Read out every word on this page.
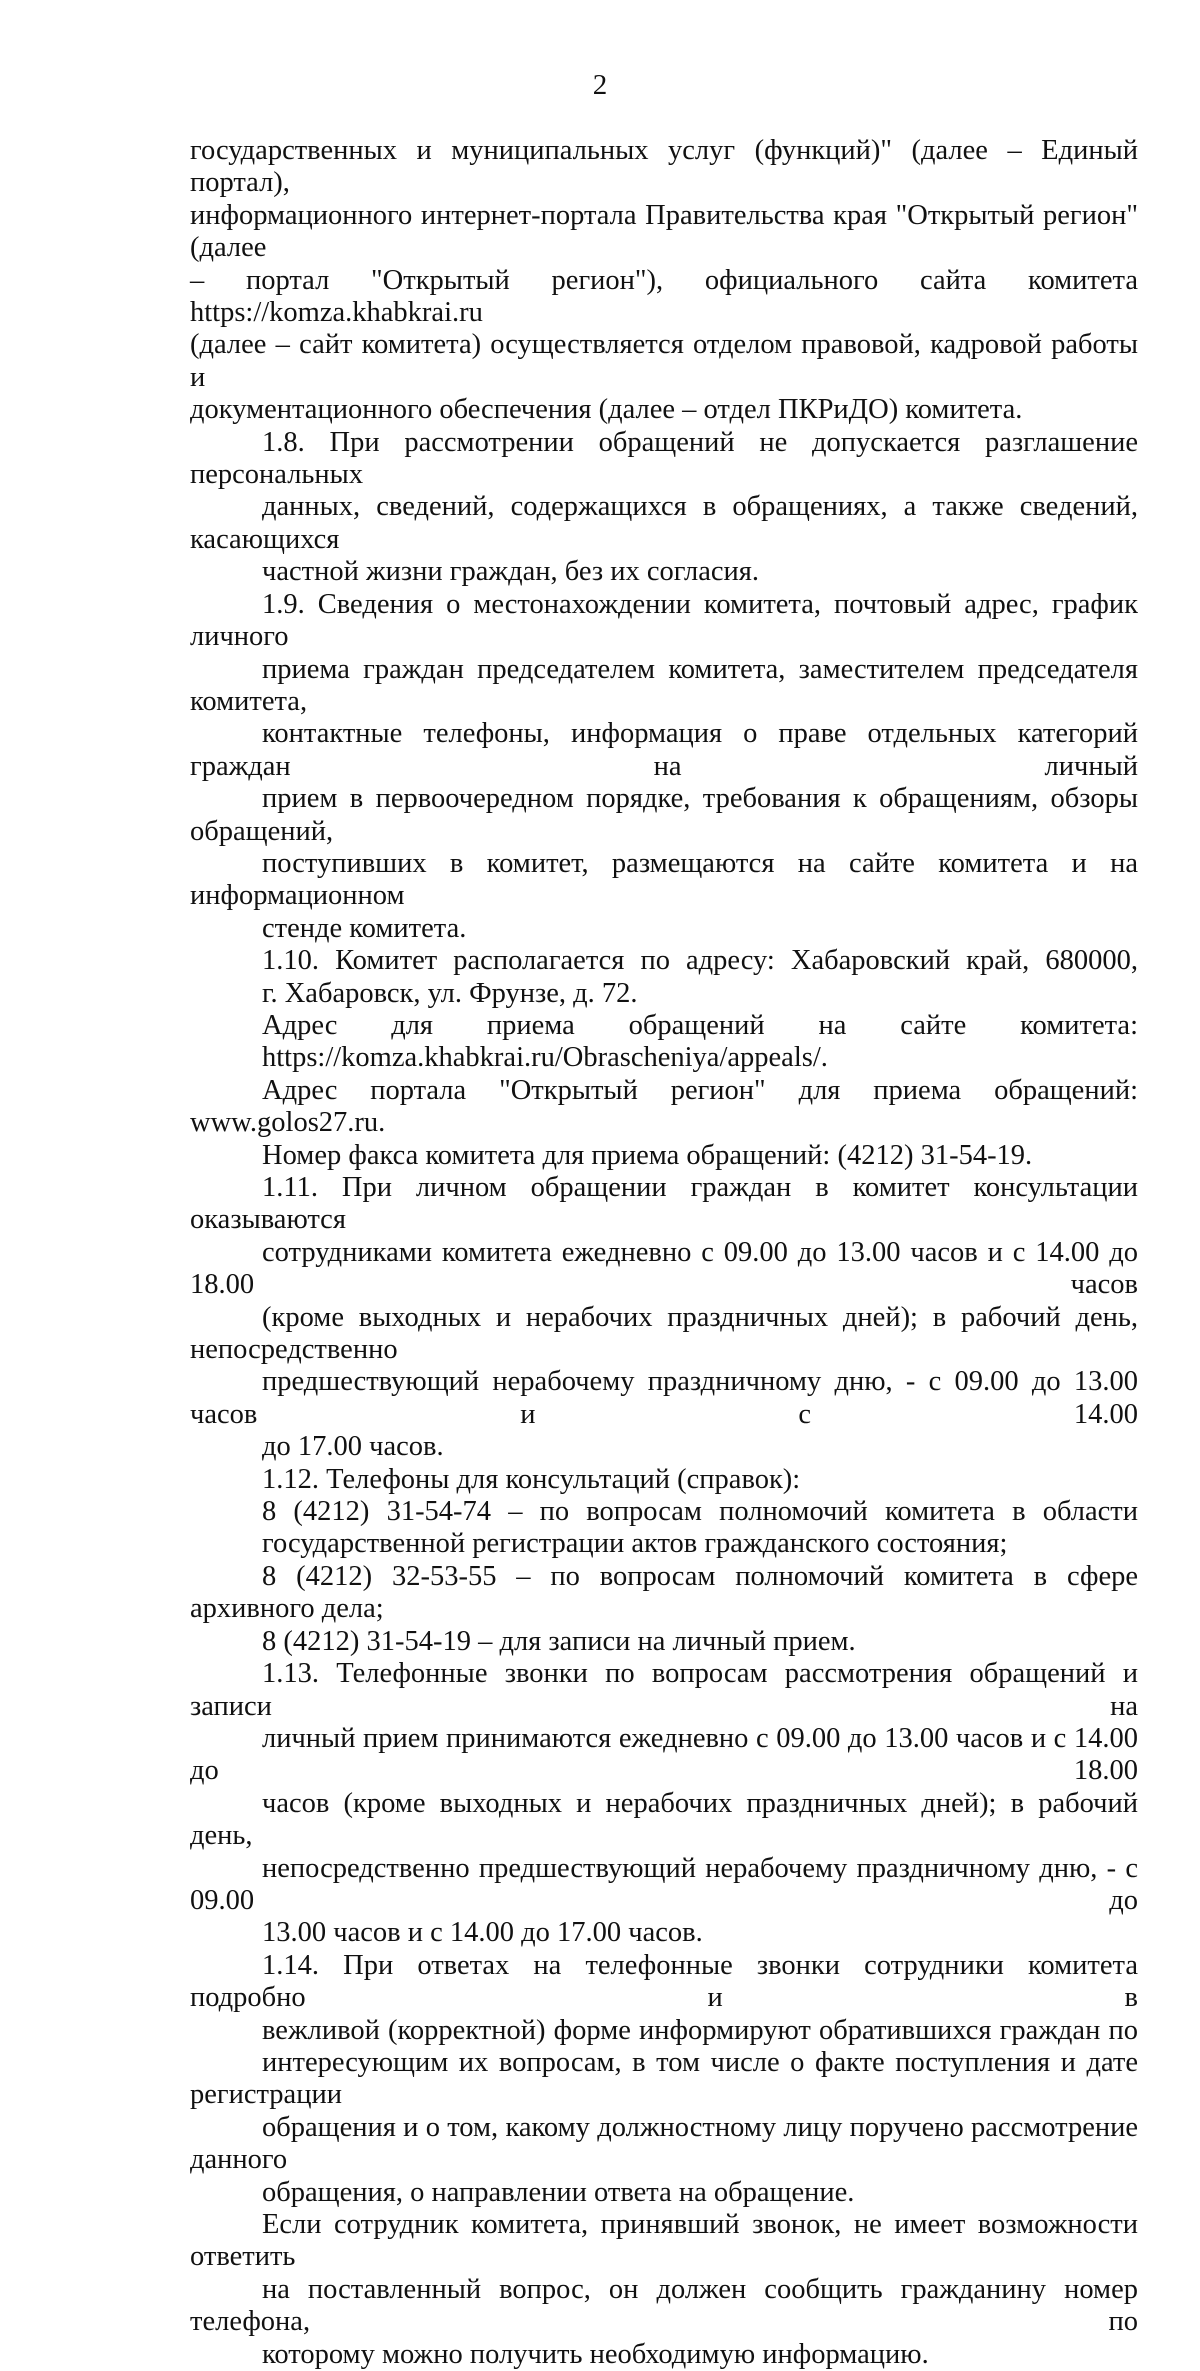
2

государственных и муниципальных услуг (функций)" (далее – Единый портал),
информационного интернет-портала Правительства края "Открытый регион" (далее
– портал "Открытый регион"), официального сайта комитета https://komza.khabkrai.ru
(далее – сайт комитета) осуществляется отделом правовой, кадровой работы и
документационного обеспечения (далее – отдел ПКРиДО) комитета.

1.8. При рассмотрении обращений не допускается разглашение персональных
данных, сведений, содержащихся в обращениях, а также сведений, касающихся
частной жизни граждан, без их согласия.

1.9. Сведения о местонахождении комитета, почтовый адрес, график личного
приема граждан председателем комитета, заместителем председателя комитета,
контактные телефоны, информация о праве отдельных категорий граждан на личный
прием в первоочередном порядке, требования к обращениям, обзоры обращений,
поступивших в комитет, размещаются на сайте комитета и на информационном
стенде комитета.

1.10. Комитет располагается по адресу: Хабаровский край, 680000,
г. Хабаровск, ул. Фрунзе, д. 72.

Адрес для приема обращений на сайте комитета:
https://komza.khabkrai.ru/Obrascheniya/appeals/.

Адрес портала "Открытый регион" для приема обращений: www.golos27.ru.

Номер факса комитета для приема обращений: (4212) 31-54-19.

1.11. При личном обращении граждан в комитет консультации оказываются
сотрудниками комитета ежедневно с 09.00 до 13.00 часов и с 14.00 до 18.00 часов
(кроме выходных и нерабочих праздничных дней); в рабочий день, непосредственно
предшествующий нерабочему праздничному дню, - с 09.00 до 13.00 часов и с 14.00
до 17.00 часов.

1.12. Телефоны для консультаций (справок):

8 (4212) 31-54-74 – по вопросам полномочий комитета в области
государственной регистрации актов гражданского состояния;

8 (4212) 32-53-55 – по вопросам полномочий комитета в сфере архивного дела;

8 (4212) 31-54-19 – для записи на личный прием.

1.13. Телефонные звонки по вопросам рассмотрения обращений и записи на
личный прием принимаются ежедневно с 09.00 до 13.00 часов и с 14.00 до 18.00
часов (кроме выходных и нерабочих праздничных дней); в рабочий день,
непосредственно предшествующий нерабочему праздничному дню, - с 09.00 до
13.00 часов и с 14.00 до 17.00 часов.

1.14. При ответах на телефонные звонки сотрудники комитета подробно и в
вежливой (корректной) форме информируют обратившихся граждан по
интересующим их вопросам, в том числе о факте поступления и дате регистрации
обращения и о том, какому должностному лицу поручено рассмотрение данного
обращения, о направлении ответа на обращение.

Если сотрудник комитета, принявший звонок, не имеет возможности ответить
на поставленный вопрос, он должен сообщить гражданину номер телефона, по
которому можно получить необходимую информацию.
